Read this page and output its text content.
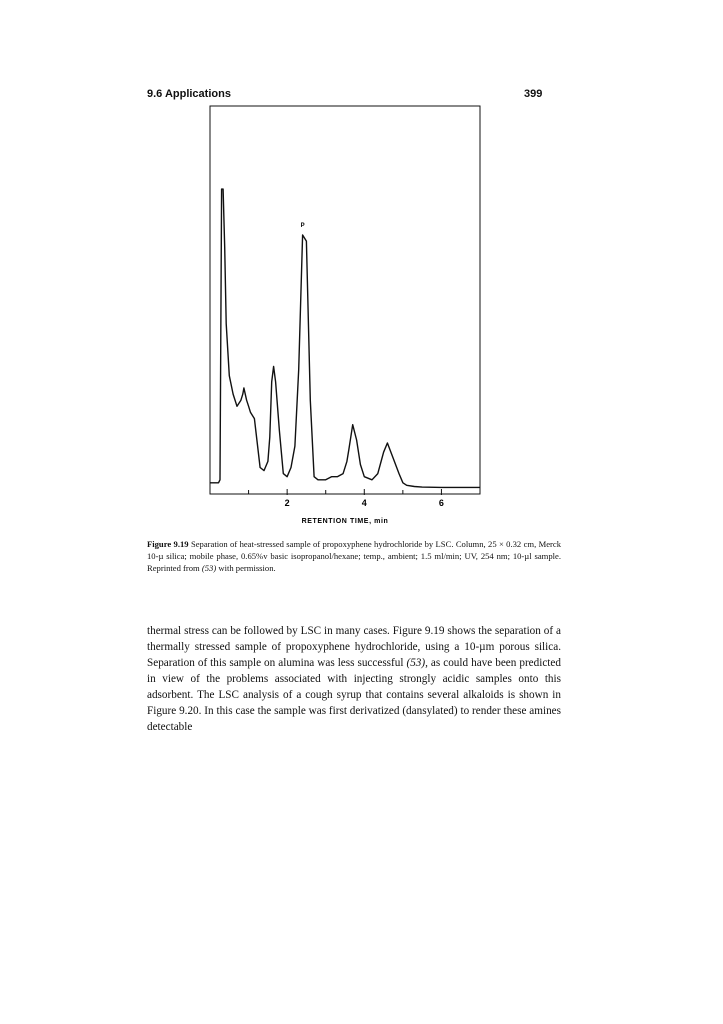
9.6 Applications	399
2	4	6
P
RETENTION TIME, min

Figure 9.19 Separation of heat-stressed sample of propoxyphene hydrochloride by LSC. Column, 25 × 0.32 cm, Merck 10-µ silica; mobile phase, 0.65%v basic isopropanol/hexane; temp., ambient; 1.5 ml/min; UV, 254 nm; 10-µl sample. Reprinted from (53) with permission.

thermal stress can be followed by LSC in many cases. Figure 9.19 shows the separation of a thermally stressed sample of propoxyphene hydrochloride, using a 10-µm porous silica. Separation of this sample on alumina was less successful (53), as could have been predicted in view of the problems associated with injecting strongly acidic samples onto this adsorbent. The LSC analysis of a cough syrup that contains several alkaloids is shown in Figure 9.20. In this case the sample was first derivatized (dansylated) to render these amines detectable
